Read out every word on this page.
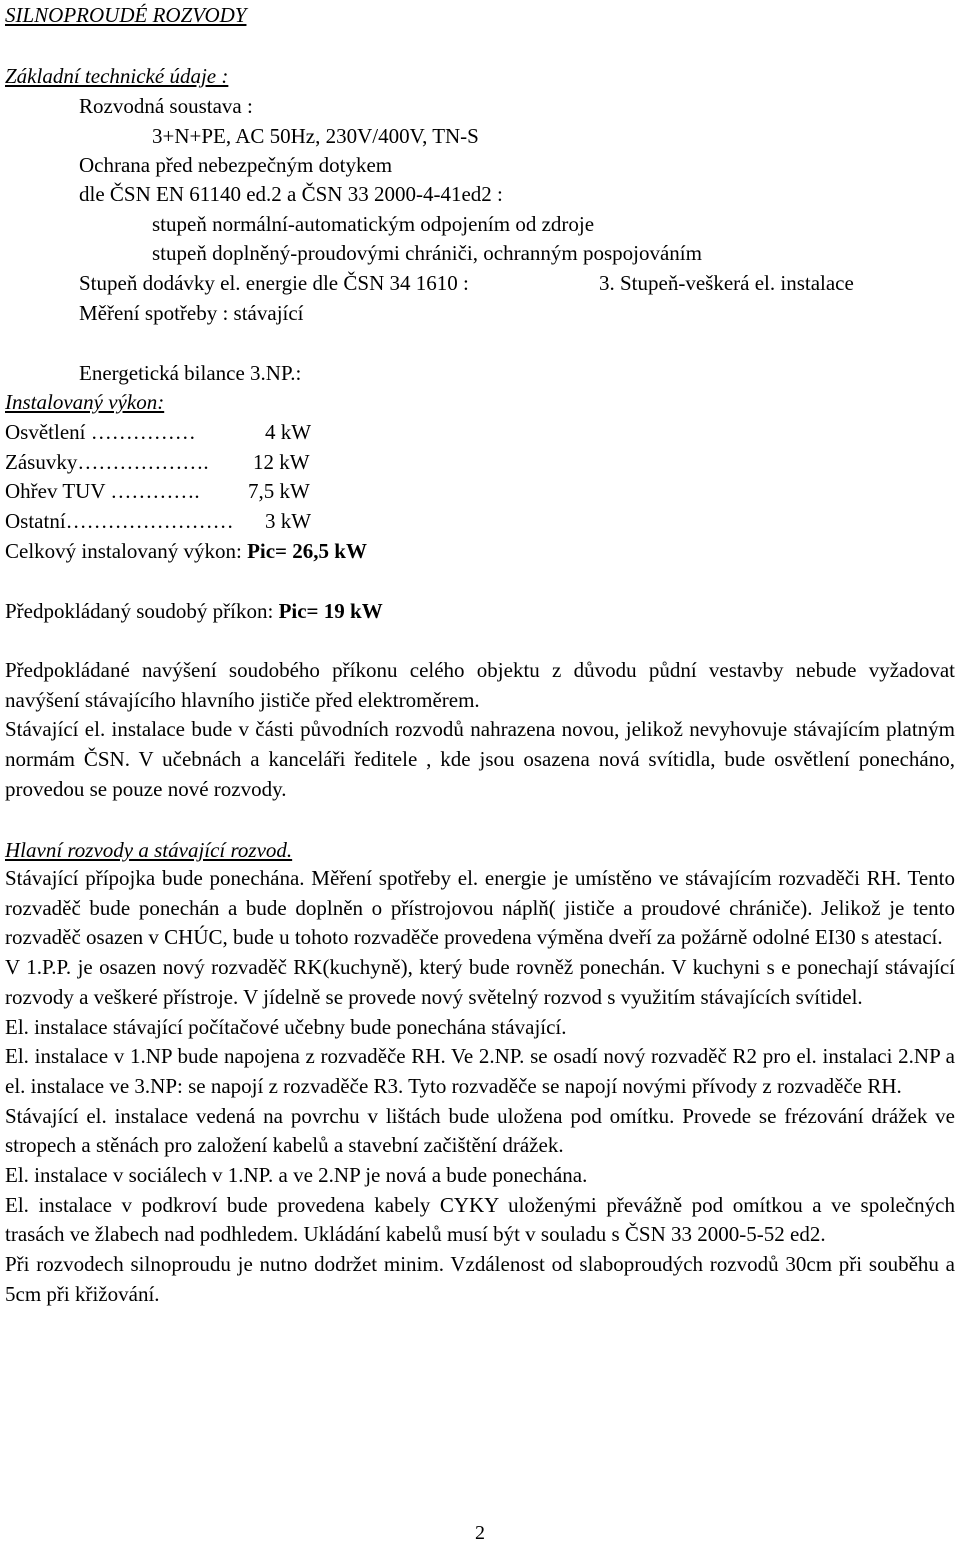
SILNOPROUDÉ ROZVODY
Základní technické údaje :
Rozvodná soustava :
3+N+PE, AC 50Hz, 230V/400V, TN-S
Ochrana před nebezpečným dotykem
dle ČSN EN 61140 ed.2 a ČSN 33 2000-4-41ed2 :
stupeň normální-automatickým odpojením od zdroje
stupeň doplněný-proudovými chrániči, ochranným pospojováním
Stupeň dodávky el. energie dle ČSN 34 1610 :	3. Stupeň-veškerá el. instalace
Měření spotřeby : stávající
Energetická bilance 3.NP.:
Instalovaný výkon:
Osvětlení ……………	4 kW
Zásuvky………………. 12 kW
Ohřev TUV …………. 7,5 kW
Ostatní…………………… 3 kW
Celkový instalovaný výkon: Pic= 26,5 kW
Předpokládaný soudobý příkon: Pic= 19 kW

Předpokládané navýšení soudobého příkonu celého objektu z důvodu půdní vestavby nebude vyžadovat navýšení stávajícího hlavního jističe před elektroměrem.

Stávající el. instalace bude v části původních rozvodů nahrazena novou, jelikož nevyhovuje stávajícím platným normám ČSN. V učebnách a kanceláři ředitele , kde jsou osazena nová svítidla, bude osvětlení ponecháno, provedou se pouze nové rozvody.

Hlavní rozvody a stávající rozvod.

Stávající přípojka bude ponechána. Měření spotřeby el. energie je umístěno ve stávajícím rozvaděči RH. Tento rozvaděč bude ponechán a bude doplněn o přístrojovou náplň( jističe a proudové chrániče). Jelikož je tento rozvaděč osazen v CHÚC, bude u tohoto rozvaděče provedena výměna dveří za požárně odolné EI30 s atestací.

V 1.P.P. je osazen nový rozvaděč RK(kuchyně), který bude rovněž ponechán. V kuchyni s e ponechají stávající rozvody a veškeré přístroje. V jídelně se provede nový světelný rozvod s využitím stávajících svítidel.

El. instalace stávající počítačové učebny bude ponechána stávající.

El. instalace v 1.NP bude napojena z rozvaděče RH. Ve 2.NP. se osadí nový rozvaděč R2 pro el. instalaci 2.NP a el. instalace ve 3.NP: se napojí z rozvaděče R3. Tyto rozvaděče se napojí novými přívody z rozvaděče RH.

Stávající el. instalace vedená na povrchu v lištách bude uložena pod omítku. Provede se frézování drážek ve stropech a stěnách pro založení kabelů a stavební začištění drážek.

El. instalace v sociálech v 1.NP. a ve 2.NP je nová a bude ponechána.

El. instalace v podkroví bude provedena kabely CYKY uloženými převážně pod omítkou a ve společných trasách ve žlabech nad podhledem. Ukládání kabelů musí být v souladu s ČSN 33 2000-5-52 ed2.

Při rozvodech silnoproudu je nutno dodržet minim. Vzdálenost od slaboproudých rozvodů 30cm při souběhu a 5cm při křižování.

2
